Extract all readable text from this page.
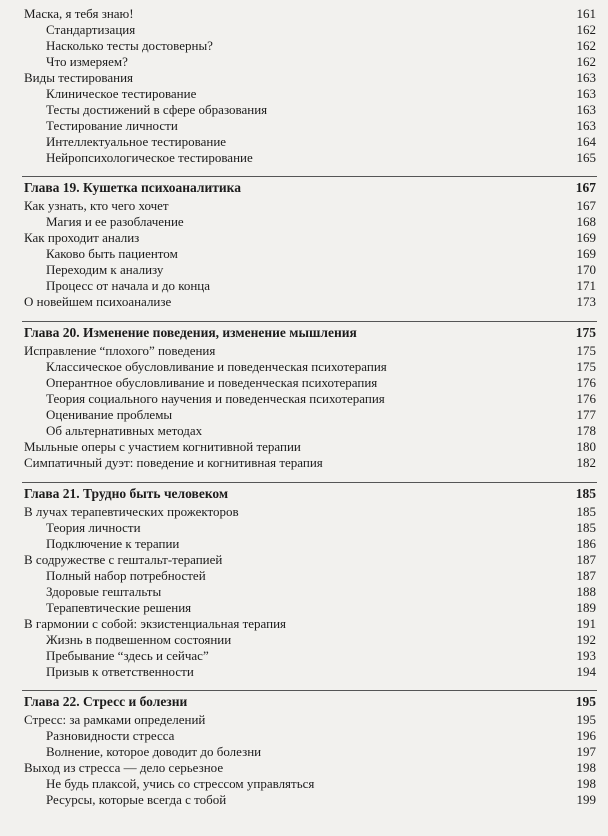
Маска, я тебя знаю!	161
Стандартизация	162
Насколько тесты достоверны?	162
Что измеряем?	162
Виды тестирования	163
Клиническое тестирование	163
Тесты достижений в сфере образования	163
Тестирование личности	163
Интеллектуальное тестирование	164
Нейропсихологическое тестирование	165
Глава 19. Кушетка психоаналитика	167
Как узнать, кто чего хочет	167
Магия и ее разоблачение	168
Как проходит анализ	169
Каково быть пациентом	169
Переходим к анализу	170
Процесс от начала и до конца	171
О новейшем психоанализе	173
Глава 20. Изменение поведения, изменение мышления	175
Исправление “плохого” поведения	175
Классическое обусловливание и поведенческая психотерапия	175
Оперантное обусловливание и поведенческая психотерапия	176
Теория социального научения и поведенческая психотерапия	176
Оценивание проблемы	177
Об альтернативных методах	178
Мыльные оперы с участием когнитивной терапии	180
Симпатичный дуэт: поведение и когнитивная терапия	182
Глава 21. Трудно быть человеком	185
В лучах терапевтических прожекторов	185
Теория личности	185
Подключение к терапии	186
В содружестве с гештальт-терапией	187
Полный набор потребностей	187
Здоровые гештальты	188
Терапевтические решения	189
В гармонии с собой: экзистенциальная терапия	191
Жизнь в подвешенном состоянии	192
Пребывание “здесь и сейчас”	193
Призыв к ответственности	194
Глава 22. Стресс и болезни	195
Стресс: за рамками определений	195
Разновидности стресса	196
Волнение, которое доводит до болезни	197
Выход из стресса — дело серьезное	198
Не будь плаксой, учись со стрессом управляться	198
Ресурсы, которые всегда с тобой	199
